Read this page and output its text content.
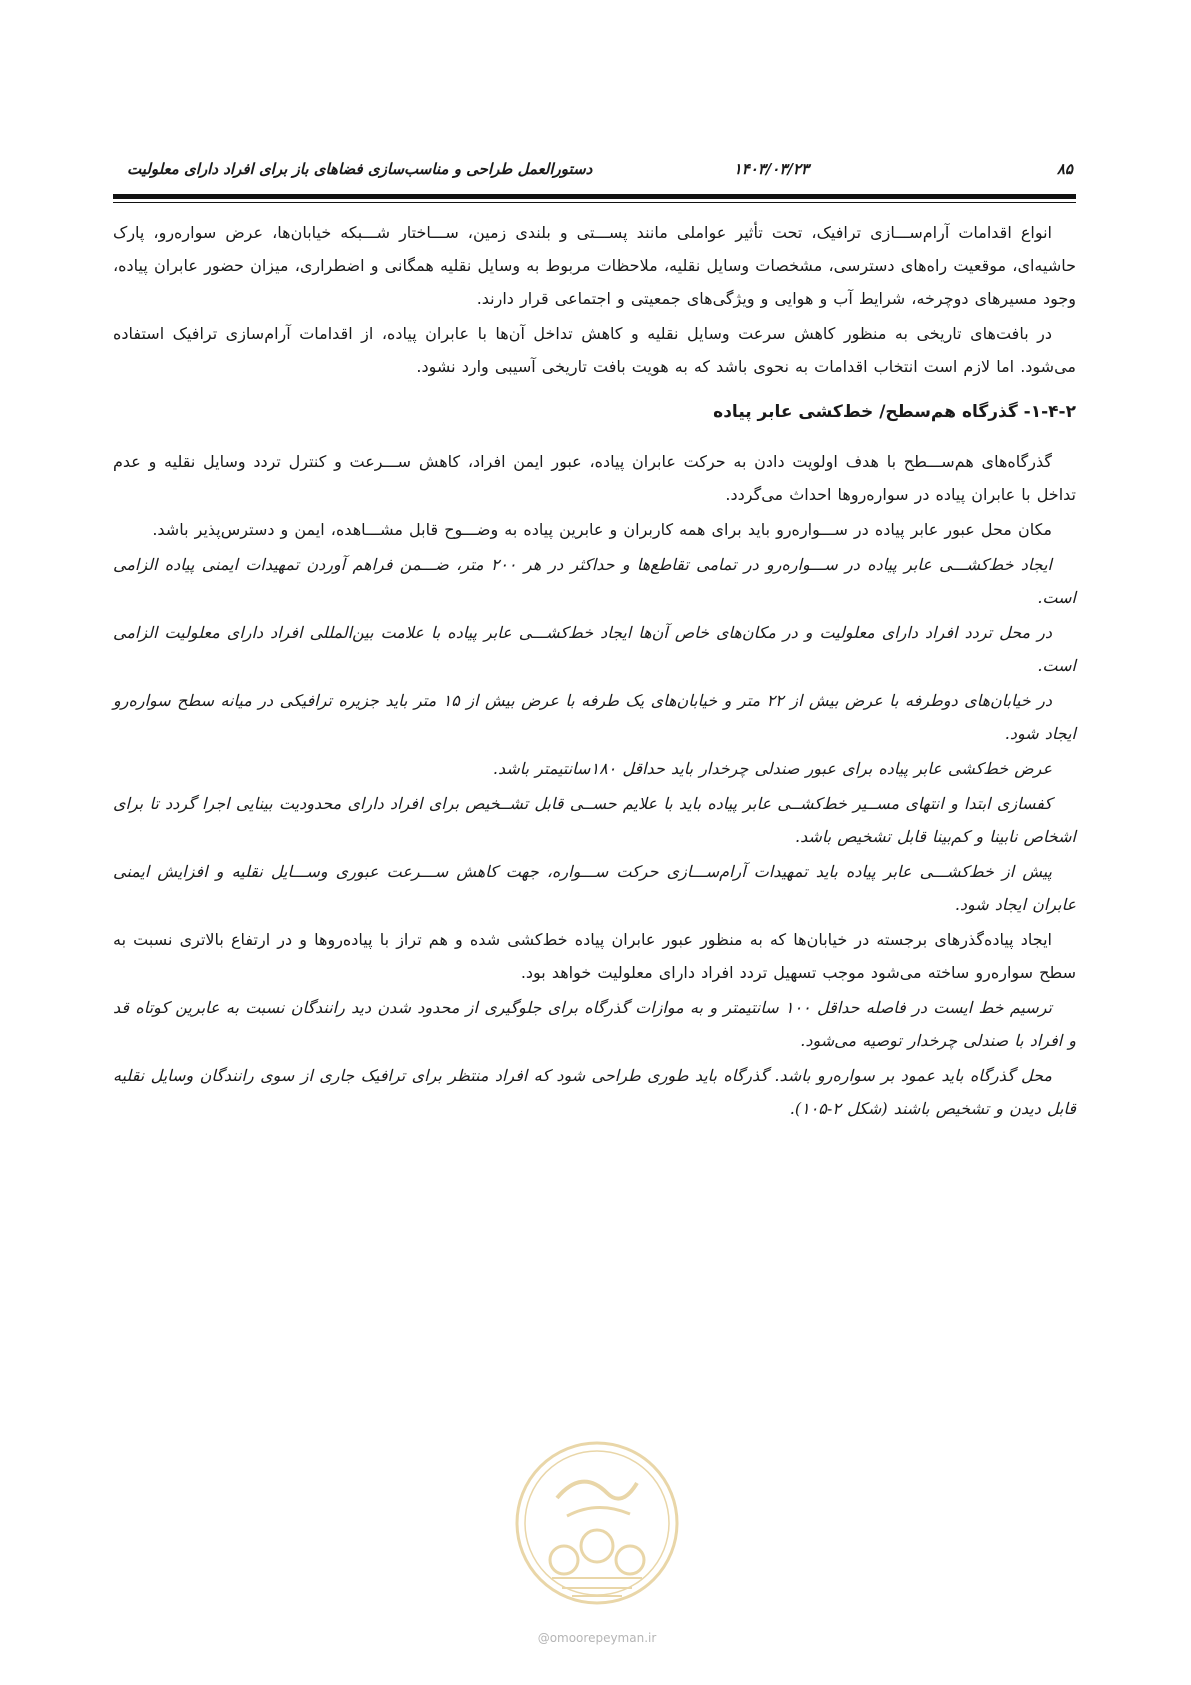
۸۵
۱۴۰۳/۰۳/۲۳
دستورالعمل طراحی و مناسب‌سازی فضاهای باز برای افراد دارای معلولیت

انواع اقدامات آرام‌ســـازی ترافیک، تحت تأثیر عواملی مانند پســـتی و بلندی زمین، ســـاختار شـــبکه خیابان‌ها، عرض سواره‌رو، پارک حاشیه‌ای، موقعیت راه‌های دسترسی، مشخصات وسایل نقلیه، ملاحظات مربوط به وسایل نقلیه همگانی و اضطراری، میزان حضور عابران پیاده، وجود مسیرهای دوچرخه، شرایط آب و هوایی و ویژگی‌های جمعیتی و اجتماعی قرار دارند.

در بافت‌های تاریخی به منظور کاهش سرعت وسایل نقلیه و کاهش تداخل آن‌ها با عابران پیاده، از اقدامات آرام‌سازی ترافیک استفاده می‌شود. اما لازم است انتخاب اقدامات به نحوی باشد که به هویت بافت تاریخی آسیبی وارد نشود.

۱-۴-۲- گذرگاه هم‌سطح/ خط‌کشی عابر پیاده

گذرگاه‌های هم‌ســـطح با هدف اولویت دادن به حرکت عابران پیاده، عبور ایمن افراد، کاهش ســـرعت و کنترل تردد وسایل نقلیه و عدم تداخل با عابران پیاده در سواره‌روها احداث می‌گردد.

مکان محل عبور عابر پیاده در ســـواره‌رو باید برای همه کاربران و عابرین پیاده به وضـــوح قابل مشـــاهده، ایمن و دسترس‌پذیر باشد.

ایجاد خط‌کشـــی عابر پیاده در ســـواره‌رو در تمامی تقاطع‌ها و حداکثر در هر ۲۰۰ متر، ضـــمن فراهم آوردن تمهیدات ایمنی پیاده الزامی است.

در محل تردد افراد دارای معلولیت و در مکان‌های خاص آن‌ها ایجاد خط‌کشـــی عابر پیاده با علامت بین‌المللی افراد دارای معلولیت الزامی است.

در خیابان‌های دوطرفه با عرض بیش از ۲۲ متر و خیابان‌های یک طرفه با عرض بیش از ۱۵ متر باید جزیره ترافیکی در میانه سطح سواره‌رو ایجاد شود.

عرض خط‌کشی عابر پیاده برای عبور صندلی چرخدار باید حداقل ۱۸۰سانتیمتر باشد.

کفسازی ابتدا و انتهای مســیر خط‌کشــی عابر پیاده باید با علایم حســی قابل تشــخیص برای افراد دارای محدودیت بینایی اجرا گردد تا برای اشخاص نابینا و کم‌بینا قابل تشخیص باشد.

پیش از خط‌کشـــی عابر پیاده باید تمهیدات آرام‌ســـازی حرکت ســـواره، جهت کاهش ســـرعت عبوری وســـایل نقلیه و افزایش ایمنی عابران ایجاد شود.

ایجاد پیاده‌گذرهای برجسته در خیابان‌ها که به منظور عبور عابران پیاده خط‌کشی شده و هم تراز با پیاده‌روها و در ارتفاع بالاتری نسبت به سطح سواره‌رو ساخته می‌شود موجب تسهیل تردد افراد دارای معلولیت خواهد بود.

ترسیم خط ایست در فاصله حداقل ۱۰۰ سانتیمتر و به موازات گذرگاه برای جلوگیری از محدود شدن دید رانندگان نسبت به عابرین کوتاه قد و افراد با صندلی چرخدار توصیه می‌شود.

محل گذرگاه باید عمود بر سواره‌رو باشد. گذرگاه باید طوری طراحی شود که افراد منتظر برای ترافیک جاری از سوی رانندگان وسایل نقلیه قابل دیدن و تشخیص باشند (شکل ۲-۱۰۵).

@omoorepeyman.ir
